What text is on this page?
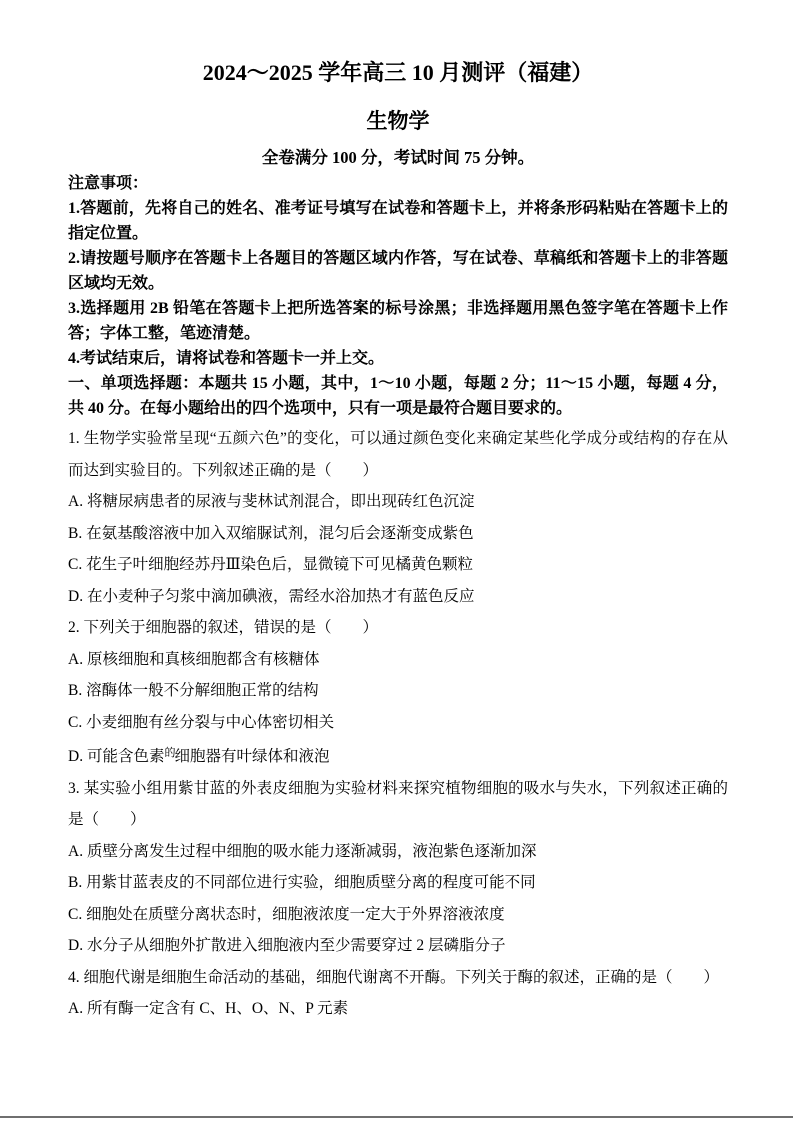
2024～2025 学年高三 10 月测评（福建）
生物学

全卷满分 100 分，考试时间 75 分钟。

注意事项：

1.答题前，先将自己的姓名、准考证号填写在试卷和答题卡上，并将条形码粘贴在答题卡上的指定位置。

2.请按题号顺序在答题卡上各题目的答题区域内作答，写在试卷、草稿纸和答题卡上的非答题区域均无效。

3.选择题用 2B 铅笔在答题卡上把所选答案的标号涂黑；非选择题用黑色签字笔在答题卡上作答；字体工整，笔迹清楚。

4.考试结束后，请将试卷和答题卡一并上交。

一、单项选择题：本题共 15 小题，其中，1～10 小题，每题 2 分；11～15 小题，每题 4 分，共 40 分。在每小题给出的四个选项中，只有一项是最符合题目要求的。

1. 生物学实验常呈现“五颜六色”的变化，可以通过颜色变化来确定某些化学成分或结构的存在从而达到实验目的。下列叙述正确的是（　　）

A. 将糖尿病患者的尿液与斐林试剂混合，即出现砖红色沉淀

B. 在氨基酸溶液中加入双缩脲试剂，混匀后会逐渐变成紫色

C. 花生子叶细胞经苏丹Ⅲ染色后，显微镜下可见橘黄色颗粒

D. 在小麦种子匀浆中滴加碘液，需经水浴加热才有蓝色反应

2. 下列关于细胞器的叙述，错误的是（　　）

A. 原核细胞和真核细胞都含有核糖体

B. 溶酶体一般不分解细胞正常的结构

C. 小麦细胞有丝分裂与中心体密切相关

D. 可能含色素$^的$细胞器有叶绿体和液泡

3. 某实验小组用紫甘蓝的外表皮细胞为实验材料来探究植物细胞的吸水与失水，下列叙述正确的是（　　）

A. 质壁分离发生过程中细胞的吸水能力逐渐减弱，液泡紫色逐渐加深

B. 用紫甘蓝表皮的不同部位进行实验，细胞质壁分离的程度可能不同

C. 细胞处在质壁分离状态时，细胞液浓度一定大于外界溶液浓度

D. 水分子从细胞外扩散进入细胞液内至少需要穿过 2 层磷脂分子

4. 细胞代谢是细胞生命活动的基础，细胞代谢离不开酶。下列关于酶的叙述，正确的是（　　）

A. 所有酶一定含有 C、H、O、N、P 元素
